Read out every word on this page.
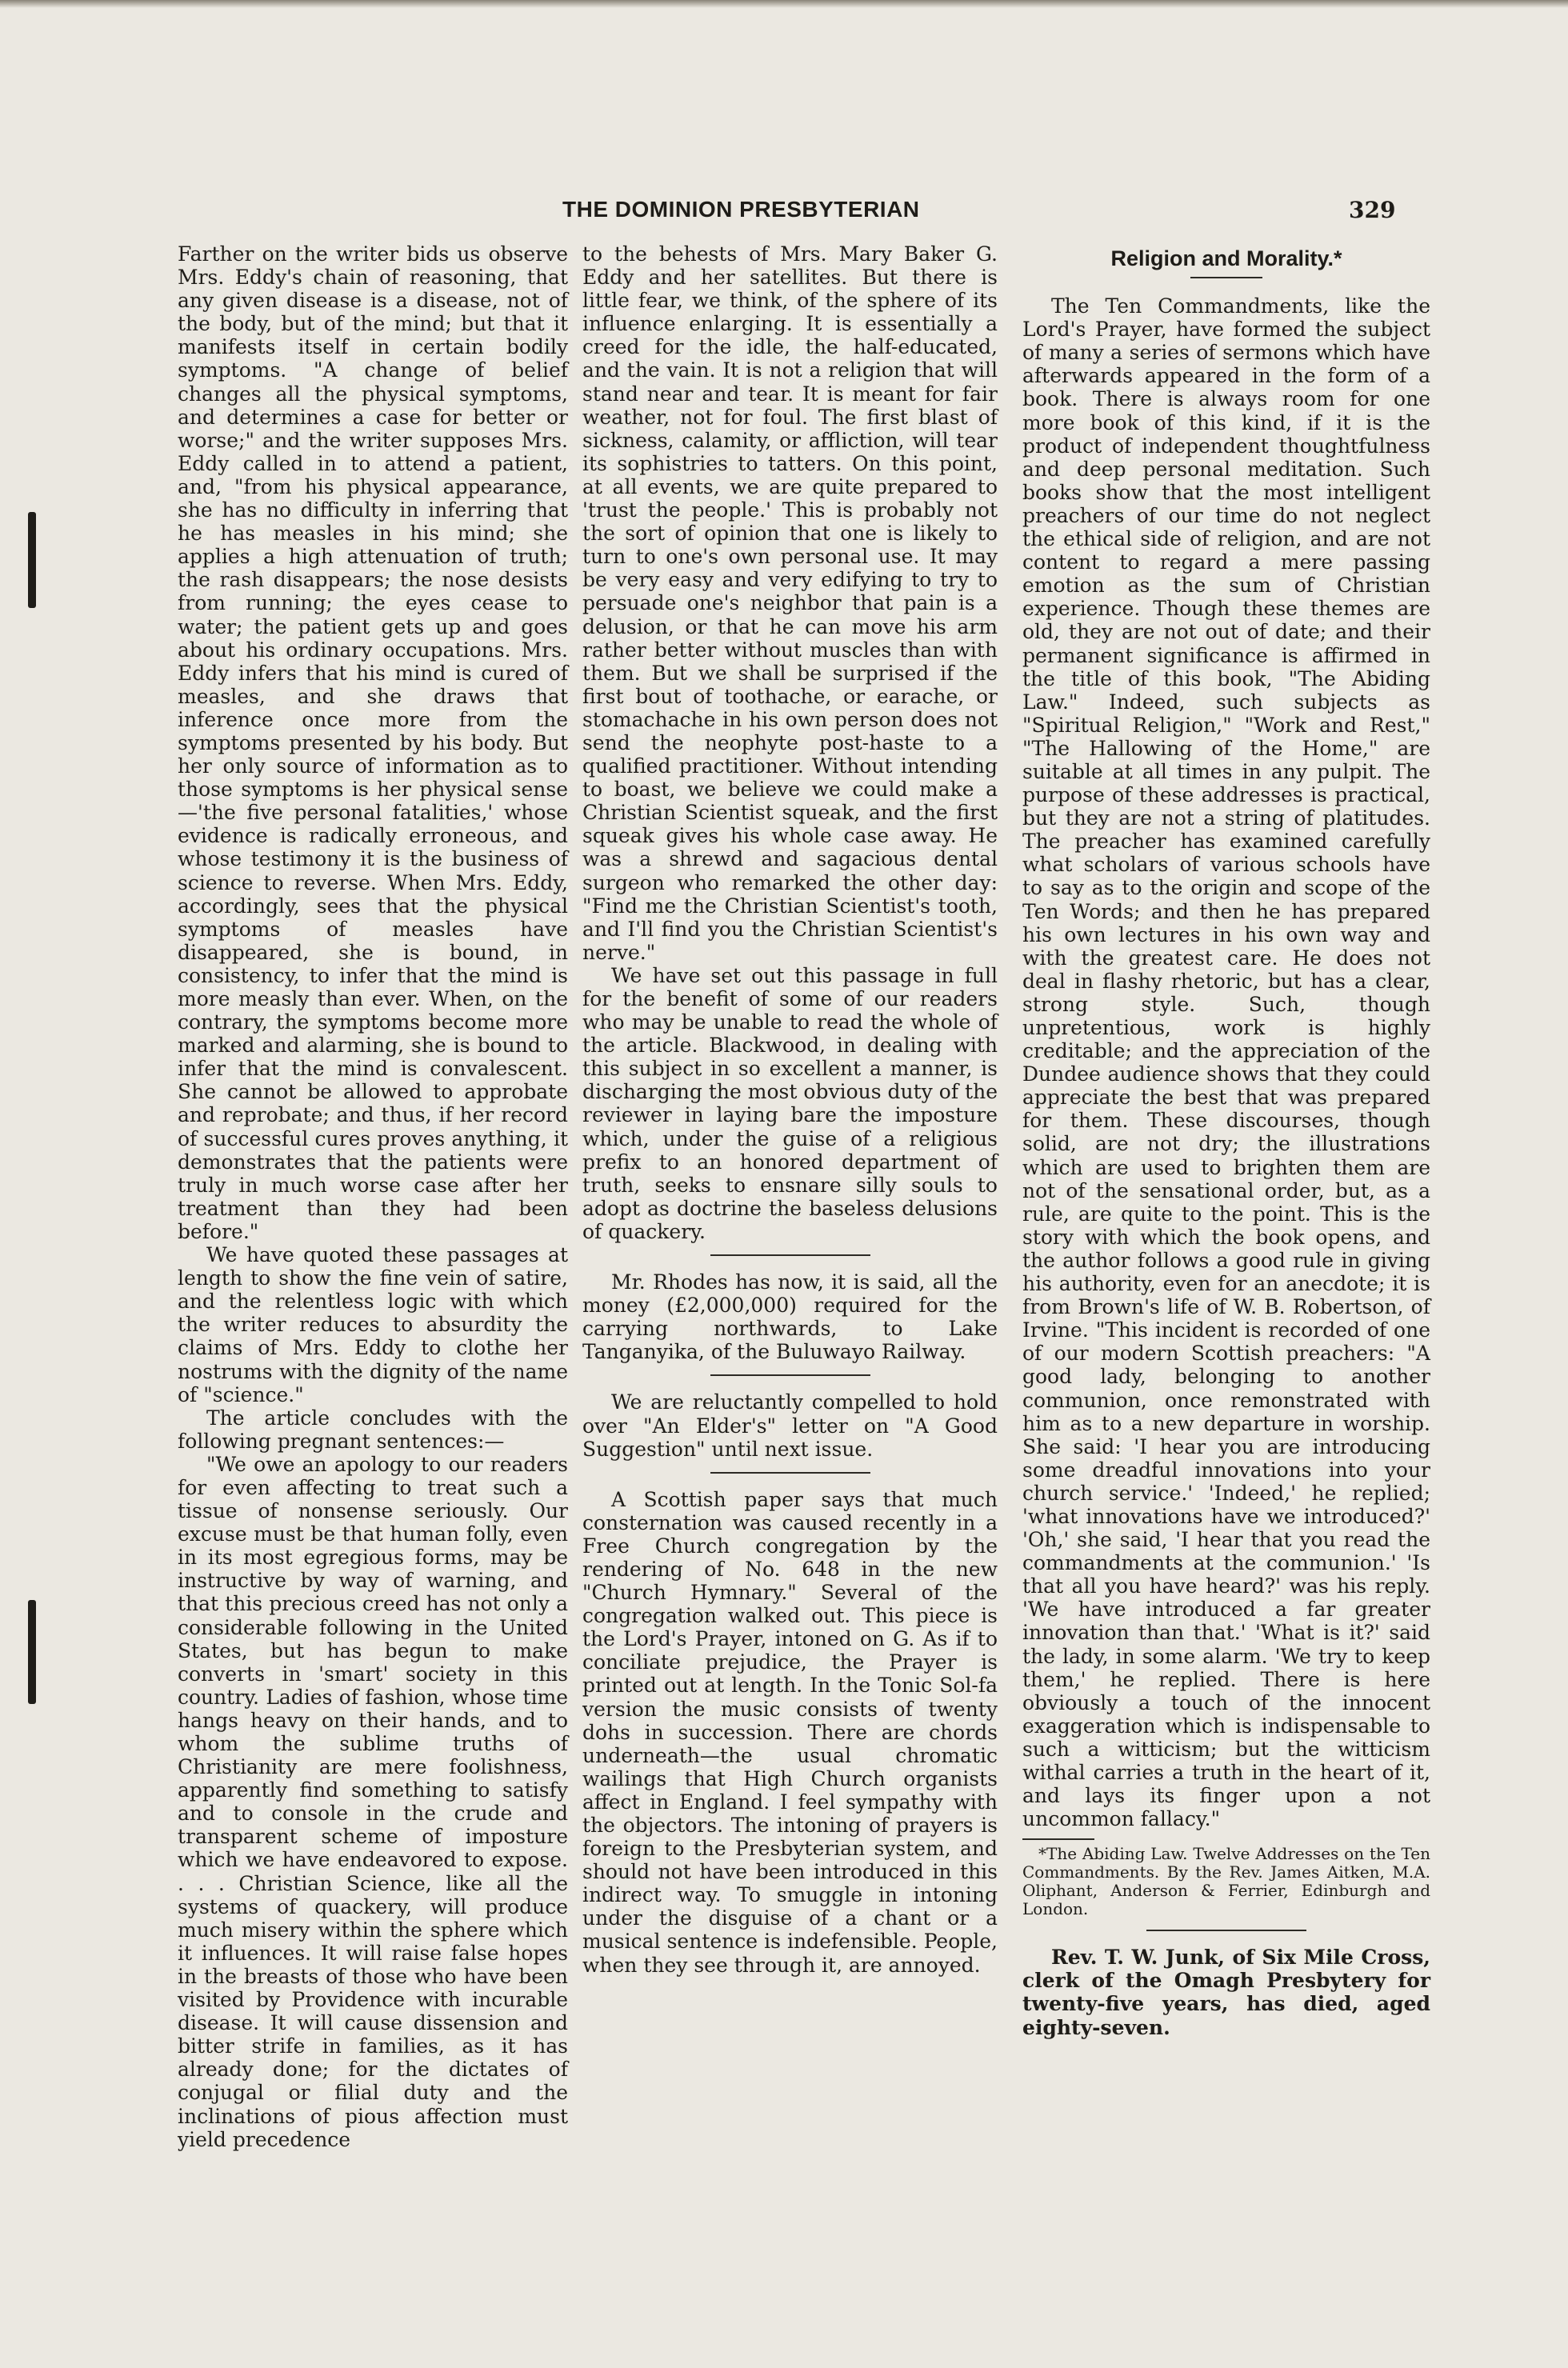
THE DOMINION PRESBYTERIAN	329

Farther on the writer bids us observe Mrs. Eddy's chain of reasoning, that any given disease is a disease, not of the body, but of the mind; but that it manifests itself in certain bodily symptoms. "A change of belief changes all the physical symptoms, and determines a case for better or worse;" and the writer supposes Mrs. Eddy called in to attend a patient, and, "from his physical appearance, she has no difficulty in inferring that he has measles in his mind; she applies a high attenuation of truth; the rash disappears; the nose desists from running; the eyes cease to water; the patient gets up and goes about his ordinary occupations. Mrs. Eddy infers that his mind is cured of measles, and she draws that inference once more from the symptoms presented by his body. But her only source of information as to those symptoms is her physical sense —'the five personal fatalities,' whose evidence is radically erroneous, and whose testimony it is the business of science to reverse. When Mrs. Eddy, accordingly, sees that the physical symptoms of measles have disappeared, she is bound, in consistency, to infer that the mind is more measly than ever. When, on the contrary, the symptoms become more marked and alarming, she is bound to infer that the mind is convalescent. She cannot be allowed to approbate and reprobate; and thus, if her record of successful cures proves anything, it demonstrates that the patients were truly in much worse case after her treatment than they had been before."

We have quoted these passages at length to show the fine vein of satire, and the relentless logic with which the writer reduces to absurdity the claims of Mrs. Eddy to clothe her nostrums with the dignity of the name of "science."

The article concludes with the following pregnant sentences:—

"We owe an apology to our readers for even affecting to treat such a tissue of nonsense seriously. Our excuse must be that human folly, even in its most egregious forms, may be instructive by way of warning, and that this precious creed has not only a considerable following in the United States, but has begun to make converts in 'smart' society in this country. Ladies of fashion, whose time hangs heavy on their hands, and to whom the sublime truths of Christianity are mere foolishness, apparently find something to satisfy and to console in the crude and transparent scheme of imposture which we have endeavored to expose. . . . Christian Science, like all the systems of quackery, will produce much misery within the sphere which it influences. It will raise false hopes in the breasts of those who have been visited by Providence with incurable disease. It will cause dissension and bitter strife in families, as it has already done; for the dictates of conjugal or filial duty and the inclinations of pious affection must yield precedence

to the behests of Mrs. Mary Baker G. Eddy and her satellites. But there is little fear, we think, of the sphere of its influence enlarging. It is essentially a creed for the idle, the half-educated, and the vain. It is not a religion that will stand near and tear. It is meant for fair weather, not for foul. The first blast of sickness, calamity, or affliction, will tear its sophistries to tatters. On this point, at all events, we are quite prepared to 'trust the people.' This is probably not the sort of opinion that one is likely to turn to one's own personal use. It may be very easy and very edifying to try to persuade one's neighbor that pain is a delusion, or that he can move his arm rather better without muscles than with them. But we shall be surprised if the first bout of toothache, or earache, or stomachache in his own person does not send the neophyte post-haste to a qualified practitioner. Without intending to boast, we believe we could make a Christian Scientist squeak, and the first squeak gives his whole case away. He was a shrewd and sagacious dental surgeon who remarked the other day: "Find me the Christian Scientist's tooth, and I'll find you the Christian Scientist's nerve."

We have set out this passage in full for the benefit of some of our readers who may be unable to read the whole of the article. Blackwood, in dealing with this subject in so excellent a manner, is discharging the most obvious duty of the reviewer in laying bare the imposture which, under the guise of a religious prefix to an honored department of truth, seeks to ensnare silly souls to adopt as doctrine the baseless delusions of quackery.

Mr. Rhodes has now, it is said, all the money (£2,000,000) required for the carrying northwards, to Lake Tanganyika, of the Buluwayo Railway.

We are reluctantly compelled to hold over "An Elder's" letter on "A Good Suggestion" until next issue.

A Scottish paper says that much consternation was caused recently in a Free Church congregation by the rendering of No. 648 in the new "Church Hymnary." Several of the congregation walked out. This piece is the Lord's Prayer, intoned on G. As if to conciliate prejudice, the Prayer is printed out at length. In the Tonic Sol-fa version the music consists of twenty dohs in succession. There are chords underneath—the usual chromatic wailings that High Church organists affect in England. I feel sympathy with the objectors. The intoning of prayers is foreign to the Presbyterian system, and should not have been introduced in this indirect way. To smuggle in intoning under the disguise of a chant or a musical sentence is indefensible. People, when they see through it, are annoyed.

Religion and Morality.*

The Ten Commandments, like the Lord's Prayer, have formed the subject of many a series of sermons which have afterwards appeared in the form of a book. There is always room for one more book of this kind, if it is the product of independent thoughtfulness and deep personal meditation. Such books show that the most intelligent preachers of our time do not neglect the ethical side of religion, and are not content to regard a mere passing emotion as the sum of Christian experience. Though these themes are old, they are not out of date; and their permanent significance is affirmed in the title of this book, "The Abiding Law." Indeed, such subjects as "Spiritual Religion," "Work and Rest," "The Hallowing of the Home," are suitable at all times in any pulpit. The purpose of these addresses is practical, but they are not a string of platitudes. The preacher has examined carefully what scholars of various schools have to say as to the origin and scope of the Ten Words; and then he has prepared his own lectures in his own way and with the greatest care. He does not deal in flashy rhetoric, but has a clear, strong style. Such, though unpretentious, work is highly creditable; and the appreciation of the Dundee audience shows that they could appreciate the best that was prepared for them. These discourses, though solid, are not dry; the illustrations which are used to brighten them are not of the sensational order, but, as a rule, are quite to the point. This is the story with which the book opens, and the author follows a good rule in giving his authority, even for an anecdote; it is from Brown's life of W. B. Robertson, of Irvine. "This incident is recorded of one of our modern Scottish preachers: "A good lady, belonging to another communion, once remonstrated with him as to a new departure in worship. She said: 'I hear you are introducing some dreadful innovations into your church service.' 'Indeed,' he replied; 'what innovations have we introduced?' 'Oh,' she said, 'I hear that you read the commandments at the communion.' 'Is that all you have heard?' was his reply. 'We have introduced a far greater innovation than that.' 'What is it?' said the lady, in some alarm. 'We try to keep them,' he replied. There is here obviously a touch of the innocent exaggeration which is indispensable to such a witticism; but the witticism withal carries a truth in the heart of it, and lays its finger upon a not uncommon fallacy."

*The Abiding Law. Twelve Addresses on the Ten Commandments. By the Rev. James Aitken, M.A. Oliphant, Anderson & Ferrier, Edinburgh and London.

Rev. T. W. Junk, of Six Mile Cross, clerk of the Omagh Presbytery for twenty-five years, has died, aged eighty-seven.
